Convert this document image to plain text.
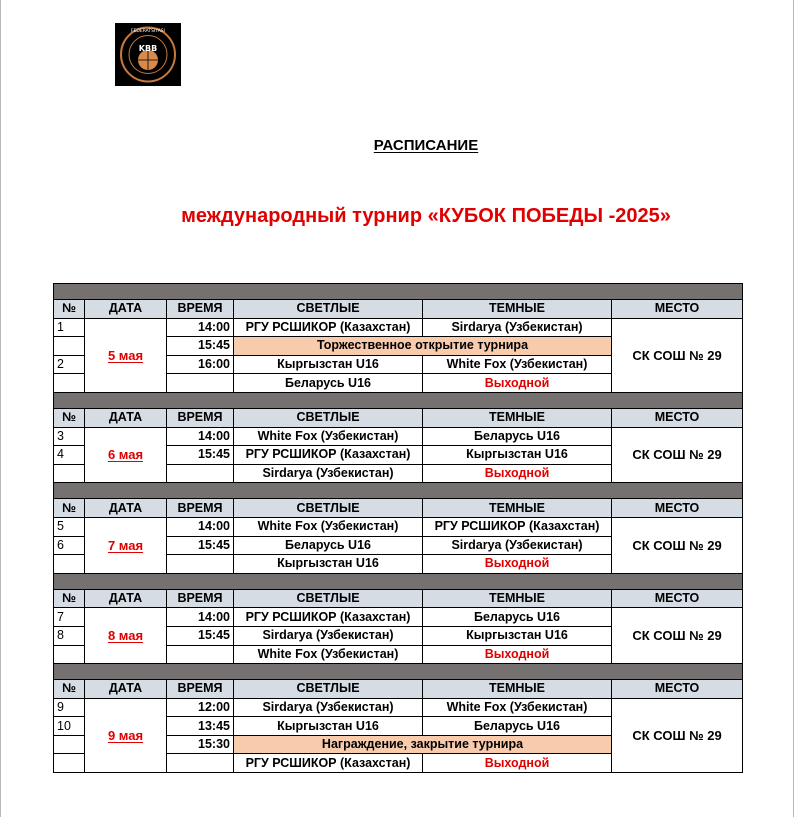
KBB
FEDERATSIYASI
РАСПИСАНИЕ
международный турнир «КУБОК ПОБЕДЫ -2025»

№	ДАТА	ВРЕМЯ	СВЕТЛЫЕ	ТЕМНЫЕ	МЕСТО
1	5 мая	14:00	РГУ РСШИКОР (Казахстан)	Sirdarya (Узбекистан)	СК СОШ № 29
		15:45	Торжественное открытие турнира		
2		16:00	Кыргызстан U16	White Fox (Узбекистан)	
			Беларусь U16	Выходной	

№	ДАТА	ВРЕМЯ	СВЕТЛЫЕ	ТЕМНЫЕ	МЕСТО
3	6 мая	14:00	White Fox (Узбекистан)	Беларусь U16	СК СОШ № 29
4		15:45	РГУ РСШИКОР (Казахстан)	Кыргызстан U16	
			Sirdarya (Узбекистан)	Выходной	

№	ДАТА	ВРЕМЯ	СВЕТЛЫЕ	ТЕМНЫЕ	МЕСТО
5	7 мая	14:00	White Fox (Узбекистан)	РГУ РСШИКОР (Казахстан)	СК СОШ № 29
6		15:45	Беларусь U16	Sirdarya (Узбекистан)	
			Кыргызстан U16	Выходной	

№	ДАТА	ВРЕМЯ	СВЕТЛЫЕ	ТЕМНЫЕ	МЕСТО
7	8 мая	14:00	РГУ РСШИКОР (Казахстан)	Беларусь U16	СК СОШ № 29
8		15:45	Sirdarya (Узбекистан)	Кыргызстан U16	
			White Fox (Узбекистан)	Выходной	

№	ДАТА	ВРЕМЯ	СВЕТЛЫЕ	ТЕМНЫЕ	МЕСТО
9	9 мая	12:00	Sirdarya (Узбекистан)	White Fox (Узбекистан)	СК СОШ № 29
10		13:45	Кыргызстан U16	Беларусь U16	
		15:30	Награждение, закрытие турнира		
			РГУ РСШИКОР (Казахстан)	Выходной	
